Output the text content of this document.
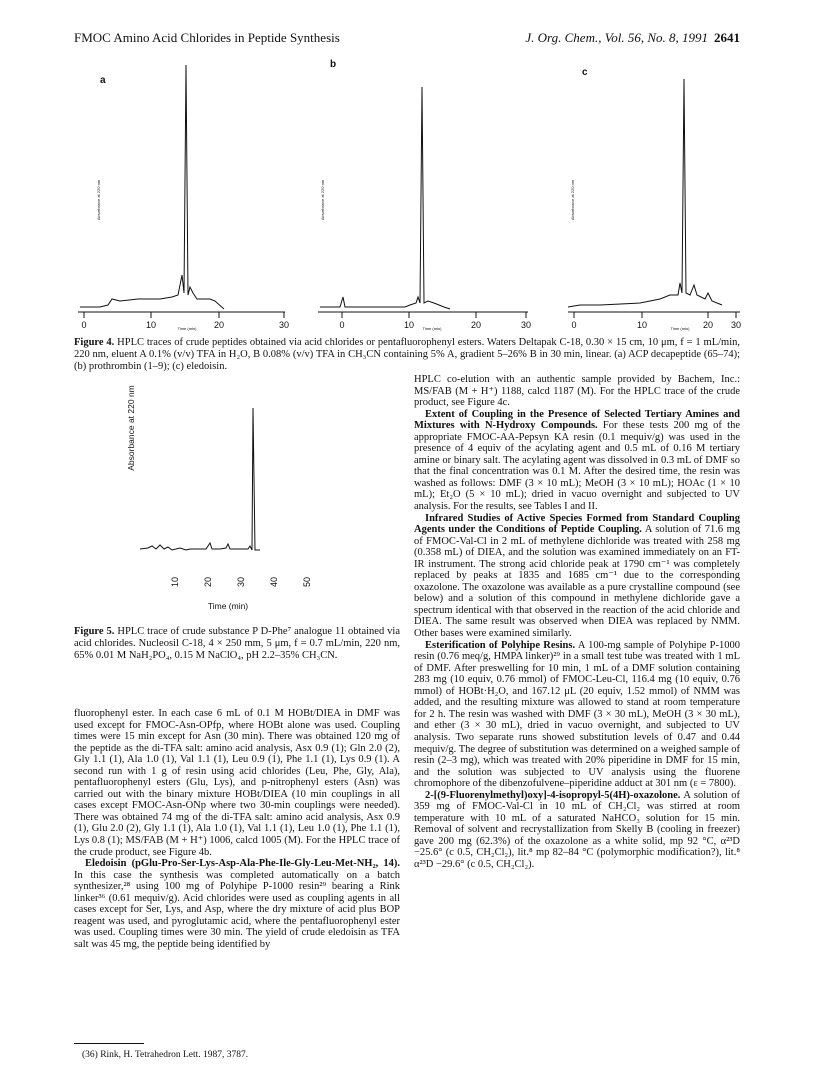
FMOC Amino Acid Chlorides in Peptide Synthesis	J. Org. Chem., Vol. 56, No. 8, 1991 2641
a
b
c
Absorbance at 220 nm	Absorbance at 220 nm	Absorbance at 220 nm
0	10	20	30
Time (min)	0	10	20	30
Time (min)	0	10	20 30
Time (min)
Figure 4. HPLC traces of crude peptides obtained via acid chlorides or pentafluorophenyl esters. Waters Deltapak C-18, 0.30 × 15 cm, 10 μm, f = 1 mL/min, 220 nm, eluent A 0.1% (v/v) TFA in H₂O, B 0.08% (v/v) TFA in CH₃CN containing 5% A, gradient 5–26% B in 30 min, linear. (a) ACP decapeptide (65–74); (b) prothrombin (1–9); (c) eledoisin.
Absorbance at 220 nm
10	20	30	40	50
Time (min)
Figure 5. HPLC trace of crude substance P D-Phe⁷ analogue 11 obtained via acid chlorides. Nucleosil C-18, 4 × 250 mm, 5 μm, f = 0.7 mL/min, 220 nm, 65% 0.01 M NaH₂PO₄, 0.15 M NaClO₄, pH 2.2–35% CH₃CN.

fluorophenyl ester. In each case 6 mL of 0.1 M HOBt/DIEA in DMF was used except for FMOC-Asn-OPfp, where HOBt alone was used. Coupling times were 15 min except for Asn (30 min). There was obtained 120 mg of the peptide as the di-TFA salt: amino acid analysis, Asx 0.9 (1); Gln 2.0 (2), Gly 1.1 (1), Ala 1.0 (1), Val 1.1 (1), Leu 0.9 (1), Phe 1.1 (1), Lys 0.9 (1). A second run with 1 g of resin using acid chlorides (Leu, Phe, Gly, Ala), pentafluorophenyl esters (Glu, Lys), and p-nitrophenyl esters (Asn) was carried out with the binary mixture HOBt/DIEA (10 min couplings in all cases except FMOC-Asn-ONp where two 30-min couplings were needed). There was obtained 74 mg of the di-TFA salt: amino acid analysis, Asx 0.9 (1), Glu 2.0 (2), Gly 1.1 (1), Ala 1.0 (1), Val 1.1 (1), Leu 1.0 (1), Phe 1.1 (1), Lys 0.8 (1); MS/FAB (M + H⁺) 1006, calcd 1005 (M). For the HPLC trace of the crude product, see Figure 4b.

Eledoisin (pGlu-Pro-Ser-Lys-Asp-Ala-Phe-Ile-Gly-Leu-Met-NH₂, 14). In this case the synthesis was completed automatically on a batch synthesizer,²⁸ using 100 mg of Polyhipe P-1000 resin²⁹ bearing a Rink linker³⁶ (0.61 mequiv/g). Acid chlorides were used as coupling agents in all cases except for Ser, Lys, and Asp, where the dry mixture of acid plus BOP reagent was used, and pyroglutamic acid, where the pentafluorophenyl ester was used. Coupling times were 30 min. The yield of crude eledoisin as TFA salt was 45 mg, the peptide being identified by

HPLC co-elution with an authentic sample provided by Bachem, Inc.: MS/FAB (M + H⁺) 1188, calcd 1187 (M). For the HPLC trace of the crude product, see Figure 4c.

Extent of Coupling in the Presence of Selected Tertiary Amines and Mixtures with N-Hydroxy Compounds. For these tests 200 mg of the appropriate FMOC-AA-Pepsyn KA resin (0.1 mequiv/g) was used in the presence of 4 equiv of the acylating agent and 0.5 mL of 0.16 M tertiary amine or binary salt. The acylating agent was dissolved in 0.3 mL of DMF so that the final concentration was 0.1 M. After the desired time, the resin was washed as follows: DMF (3 × 10 mL); MeOH (3 × 10 mL); HOAc (1 × 10 mL); Et₂O (5 × 10 mL); dried in vacuo overnight and subjected to UV analysis. For the results, see Tables I and II.

Infrared Studies of Active Species Formed from Standard Coupling Agents under the Conditions of Peptide Coupling. A solution of 71.6 mg of FMOC-Val-Cl in 2 mL of methylene dichloride was treated with 258 mg (0.358 mL) of DIEA, and the solution was examined immediately on an FT-IR instrument. The strong acid chloride peak at 1790 cm⁻¹ was completely replaced by peaks at 1835 and 1685 cm⁻¹ due to the corresponding oxazolone. The oxazolone was available as a pure crystalline compound (see below) and a solution of this compound in methylene dichloride gave a spectrum identical with that observed in the reaction of the acid chloride and DIEA. The same result was observed when DIEA was replaced by NMM. Other bases were examined similarly.

Esterification of Polyhipe Resins. A 100-mg sample of Polyhipe P-1000 resin (0.76 meq/g, HMPA linker)²⁹ in a small test tube was treated with 1 mL of DMF. After preswelling for 10 min, 1 mL of a DMF solution containing 283 mg (10 equiv, 0.76 mmol) of FMOC-Leu-Cl, 116.4 mg (10 equiv, 0.76 mmol) of HOBt·H₂O, and 167.12 μL (20 equiv, 1.52 mmol) of NMM was added, and the resulting mixture was allowed to stand at room temperature for 2 h. The resin was washed with DMF (3 × 30 mL), MeOH (3 × 30 mL), and ether (3 × 30 mL), dried in vacuo overnight, and subjected to UV analysis. Two separate runs showed substitution levels of 0.47 and 0.44 mequiv/g. The degree of substitution was determined on a weighed sample of resin (2–3 mg), which was treated with 20% piperidine in DMF for 15 min, and the solution was subjected to UV analysis using the fluorene chromophore of the dibenzofulvene–piperidine adduct at 301 nm (ε = 7800).

2-[(9-Fluorenylmethyl)oxy]-4-isopropyl-5(4H)-oxazolone. A solution of 359 mg of FMOC-Val-Cl in 10 mL of CH₂Cl₂ was stirred at room temperature with 10 mL of a saturated NaHCO₃ solution for 15 min. Removal of solvent and recrystallization from Skelly B (cooling in freezer) gave 200 mg (62.3%) of the oxazolone as a white solid, mp 92 °C, α²³D −25.6° (c 0.5, CH₂Cl₂), lit.⁸ mp 82–84 °C (polymorphic modification?), lit.⁸ α²³D −29.6° (c 0.5, CH₂Cl₂).

(36) Rink, H. Tetrahedron Lett. 1987, 3787.
